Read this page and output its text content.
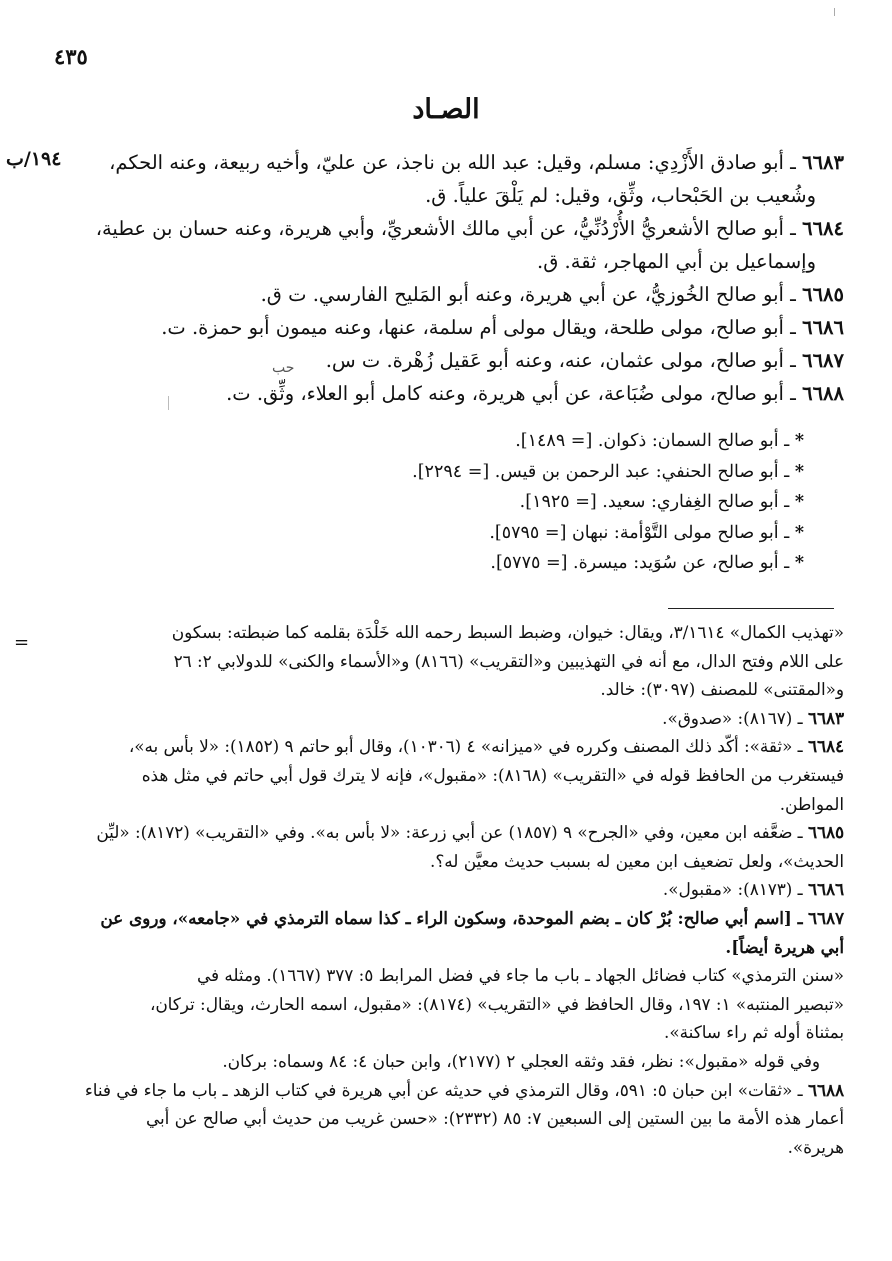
٤٣٥
الصـاد
١٩٤/ب
حب
٦٦٨٣ ـ أبو صادق الأَزْدِي: مسلم، وقيل: عبد الله بن ناجذ، عن عليّ، وأخيه ربيعة، وعنه الحكم،
وشُعيب بن الحَبْحاب، وثِّق، وقيل: لم يَلْقَ علياً. ق.
٦٦٨٤ ـ أبو صالح الأشعريُّ الأُرْدُنِّيُّ، عن أبي مالك الأشعريِّ، وأبي هريرة، وعنه حسان بن عطية،
وإسماعيل بن أبي المهاجر، ثقة. ق.
٦٦٨٥ ـ أبو صالح الخُوزيُّ، عن أبي هريرة، وعنه أبو المَليح الفارسي. ت ق.
٦٦٨٦ ـ أبو صالح، مولى طلحة، ويقال مولى أم سلمة، عنها، وعنه ميمون أبو حمزة. ت.
٦٦٨٧ ـ أبو صالح، مولى عثمان، عنه، وعنه أبو عَقيل زُهْرة. ت س.
٦٦٨٨ ـ أبو صالح، مولى ضُبَاعة، عن أبي هريرة، وعنه كامل أبو العلاء، وثِّق. ت.
* ـ أبو صالح السمان: ذكوان. [= ١٤٨٩].
* ـ أبو صالح الحنفي: عبد الرحمن بن قيس. [= ٢٢٩٤].
* ـ أبو صالح الغِفاري: سعيد. [= ١٩٢٥].
* ـ أبو صالح مولى التَّوْأمة: نبهان [= ٥٧٩٥].
* ـ أبو صالح، عن سُوَيد: ميسرة. [= ٥٧٧٥].
=	«تهذيب الكمال» ٣/١٦١٤، ويقال: خيوان، وضبط السبط رحمه الله خَلْدَة بقلمه كما ضبطته: بسكون
على اللام وفتح الدال، مع أنه في التهذيبين و«التقريب» (٨١٦٦) و«الأسماء والكنى» للدولابي ٢: ٢٦
و«المقتنى» للمصنف (٣٠٩٧): خالد.
٦٦٨٣ ـ (٨١٦٧): «صدوق».
٦٦٨٤ ـ «ثقة»: أكّد ذلك المصنف وكرره في «ميزانه» ٤ (١٠٣٠٦)، وقال أبو حاتم ٩ (١٨٥٢): «لا بأس به»،
فيستغرب من الحافظ قوله في «التقريب» (٨١٦٨): «مقبول»، فإنه لا يترك قول أبي حاتم في مثل هذه
المواطن.
٦٦٨٥ ـ ضعَّفه ابن معين، وفي «الجرح» ٩ (١٨٥٧) عن أبي زرعة: «لا بأس به». وفي «التقريب» (٨١٧٢): «ليِّن
الحديث»، ولعل تضعيف ابن معين له بسبب حديث معيَّن له؟.
٦٦٨٦ ـ (٨١٧٣): «مقبول».
٦٦٨٧ ـ [اسم أبي صالح: بُرْ كان ـ بضم الموحدة، وسكون الراء ـ كذا سماه الترمذي في «جامعه»، وروى عن
أبي هريرة أيضاً].
«سنن الترمذي» كتاب فضائل الجهاد ـ باب ما جاء في فضل المرابط ٥: ٣٧٧ (١٦٦٧). ومثله في
«تبصير المنتبه» ١: ١٩٧، وقال الحافظ في «التقريب» (٨١٧٤): «مقبول، اسمه الحارث، ويقال: تركان،
بمثناة أوله ثم راء ساكنة».
وفي قوله «مقبول»: نظر، فقد وثقه العجلي ٢ (٢١٧٧)، وابن حبان ٤: ٨٤ وسماه: بركان.
٦٦٨٨ ـ «ثقات» ابن حبان ٥: ٥٩١، وقال الترمذي في حديثه عن أبي هريرة في كتاب الزهد ـ باب ما جاء في فناء
أعمار هذه الأمة ما بين الستين إلى السبعين ٧: ٨٥ (٢٣٣٢): «حسن غريب من حديث أبي صالح عن أبي
هريرة».
